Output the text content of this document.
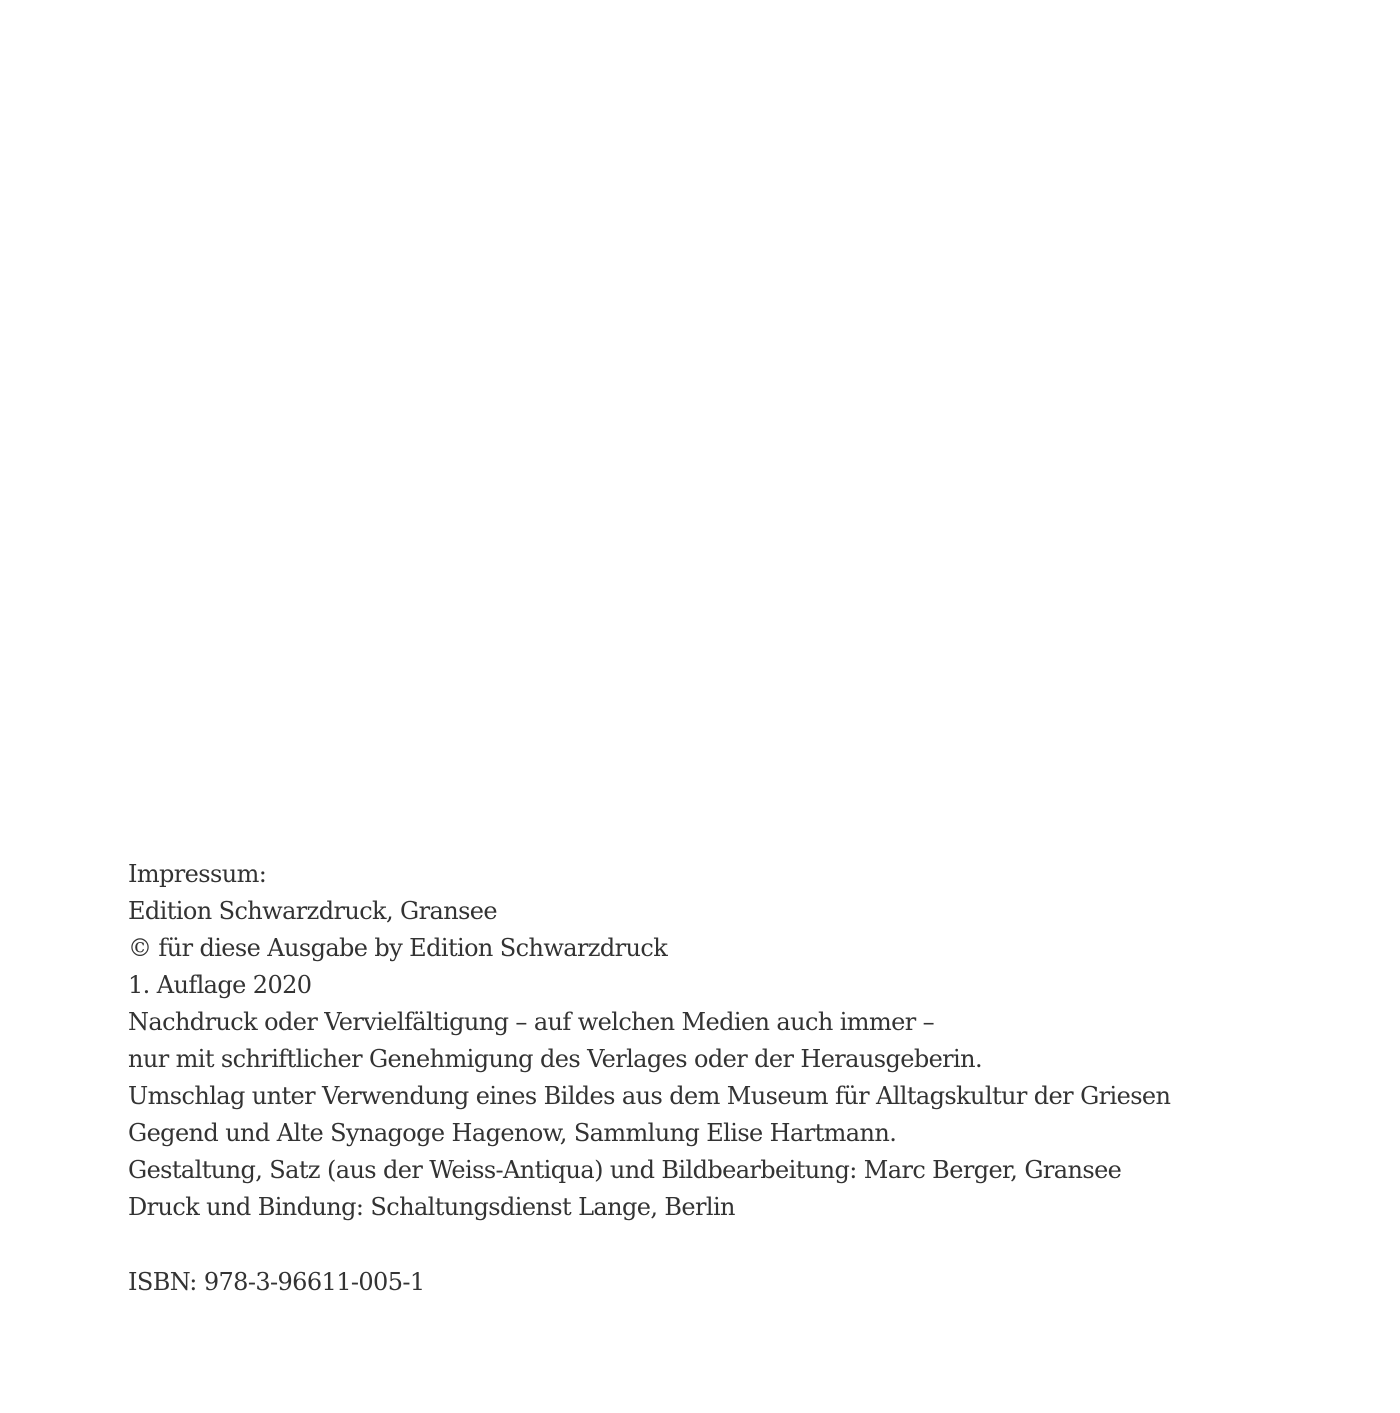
Impressum:
Edition Schwarzdruck, Gransee
© für diese Ausgabe by Edition Schwarzdruck
1. Auflage 2020
Nachdruck oder Vervielfältigung – auf welchen Medien auch immer –
nur mit schriftlicher Genehmigung des Verlages oder der Herausgeberin.
Umschlag unter Verwendung eines Bildes aus dem Museum für Alltagskultur der Griesen
Gegend und Alte Synagoge Hagenow, Sammlung Elise Hartmann.
Gestaltung, Satz (aus der Weiss-Antiqua) und Bildbearbeitung: Marc Berger, Gransee
Druck und Bindung: Schaltungsdienst Lange, Berlin
ISBN: 978-3-96611-005-1
